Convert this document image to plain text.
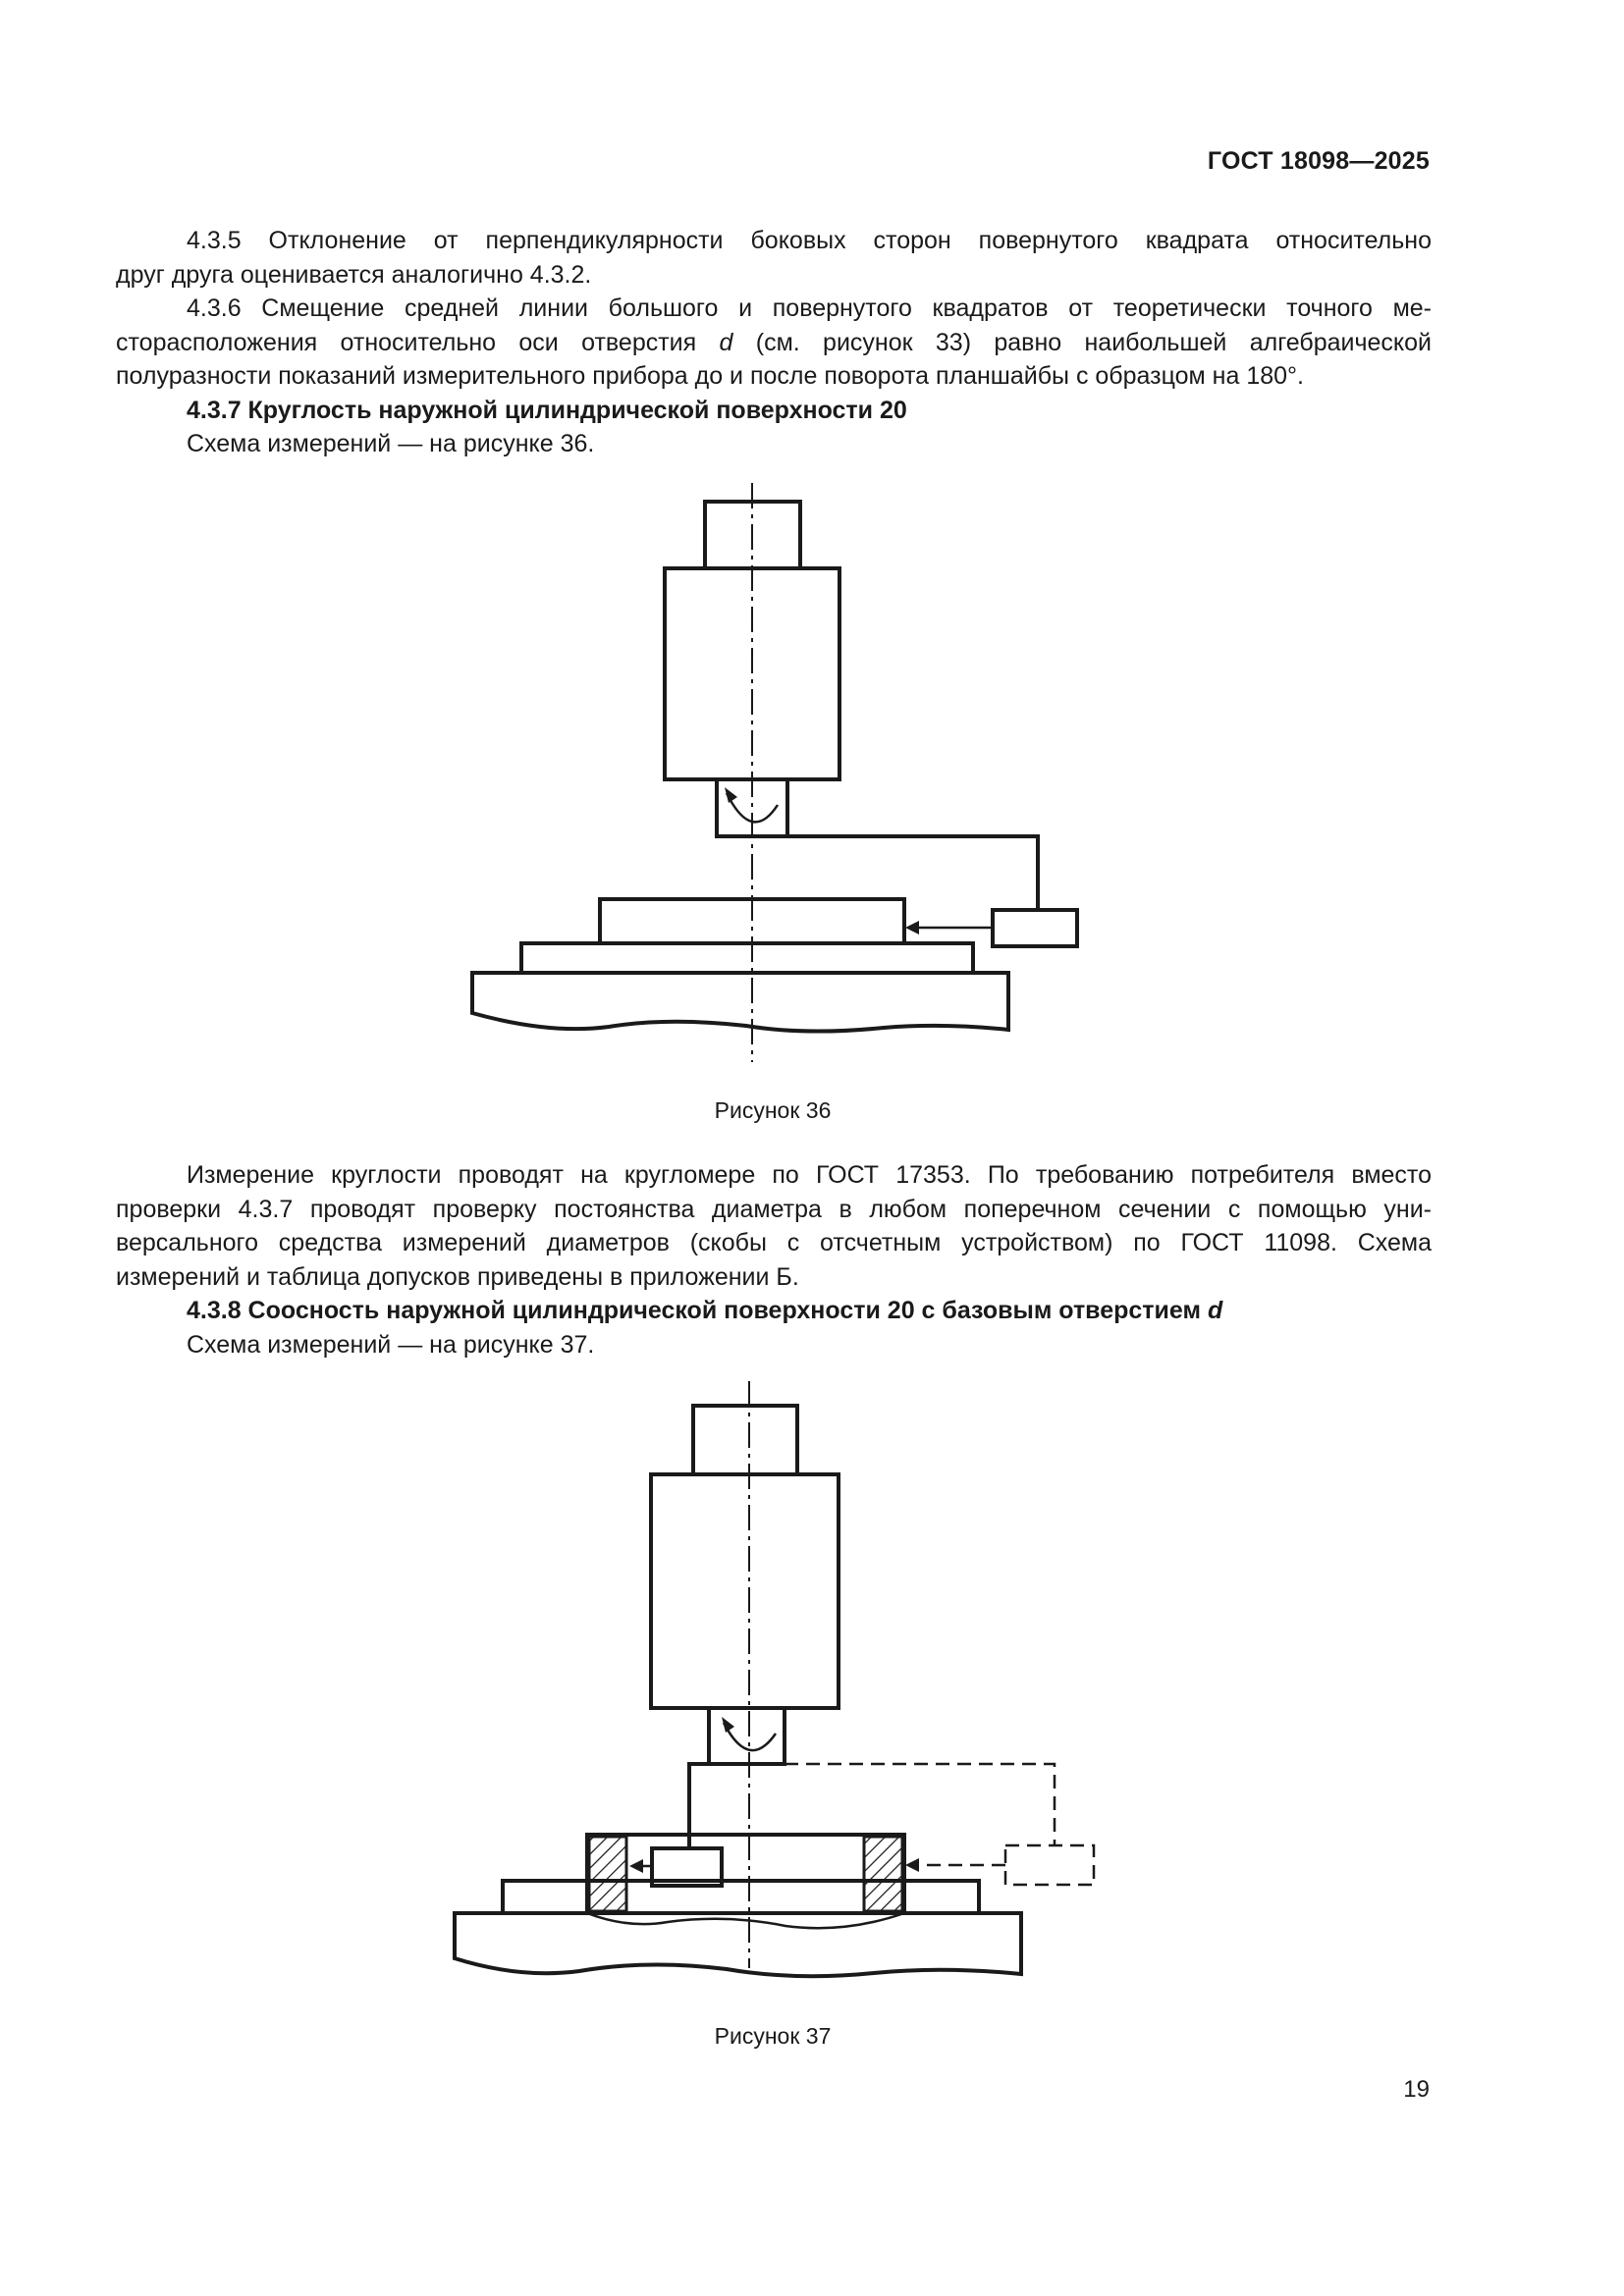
ГОСТ 18098—2025

4.3.5 Отклонение от перпендикулярности боковых сторон повернутого квадрата относительно

друг друга оценивается аналогично 4.3.2.

4.3.6 Смещение средней линии большого и повернутого квадратов от теоретически точного ме-

сторасположения относительно оси отверстия d (см. рисунок 33) равно наибольшей алгебраической

полуразности показаний измерительного прибора до и после поворота планшайбы с образцом на 180°.

4.3.7 Круглость наружной цилиндрической поверхности 20

Схема измерений — на рисунке 36.

Рисунок 36

Измерение круглости проводят на кругломере по ГОСТ 17353. По требованию потребителя вместо

проверки 4.3.7 проводят проверку постоянства диаметра в любом поперечном сечении с помощью уни-

версального средства измерений диаметров (скобы с отсчетным устройством) по ГОСТ 11098. Схема

измерений и таблица допусков приведены в приложении Б.

4.3.8 Соосность наружной цилиндрической поверхности 20 с базовым отверстием d

Схема измерений — на рисунке 37.

Рисунок 37
19
